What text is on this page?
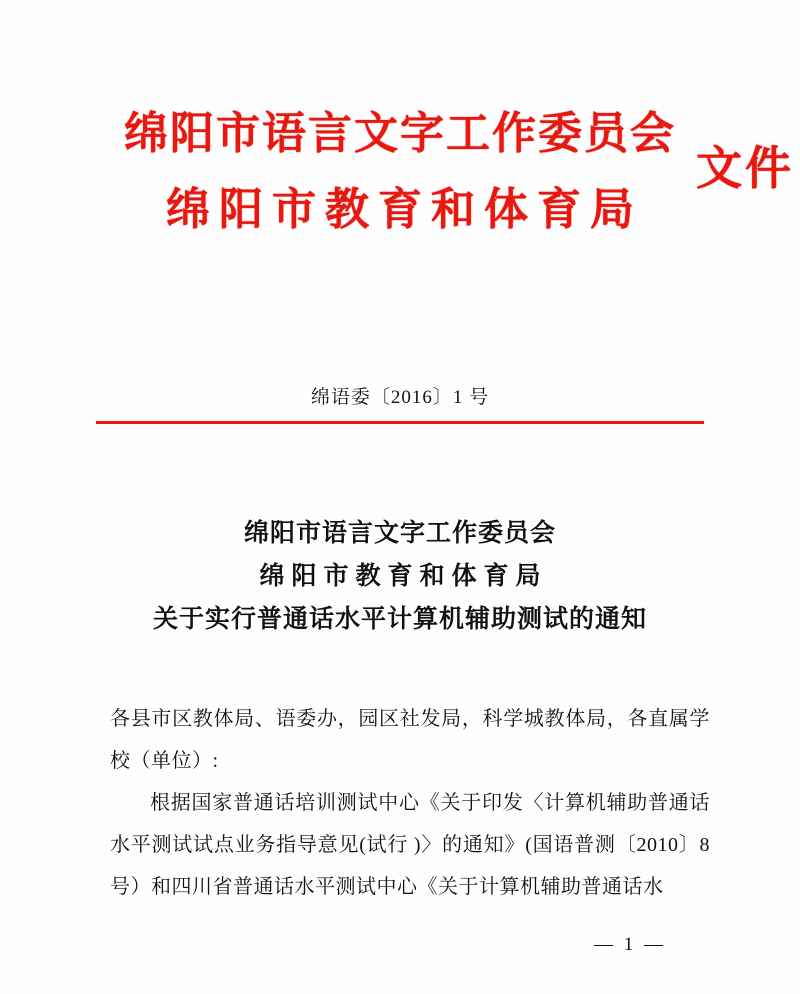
绵阳市语言文字工作委员会
绵阳市教育和体育局
文件
绵语委〔2016〕1 号
绵阳市语言文字工作委员会
绵阳市教育和体育局
关于实行普通话水平计算机辅助测试的通知
各县市区教体局、语委办，园区社发局，科学城教体局，各直属学校（单位）:
根据国家普通话培训测试中心《关于印发〈计算机辅助普通话水平测试试点业务指导意见(试行 )〉的通知》(国语普测〔2010〕8 号）和四川省普通话水平测试中心《关于计算机辅助普通话水
— 1 —
